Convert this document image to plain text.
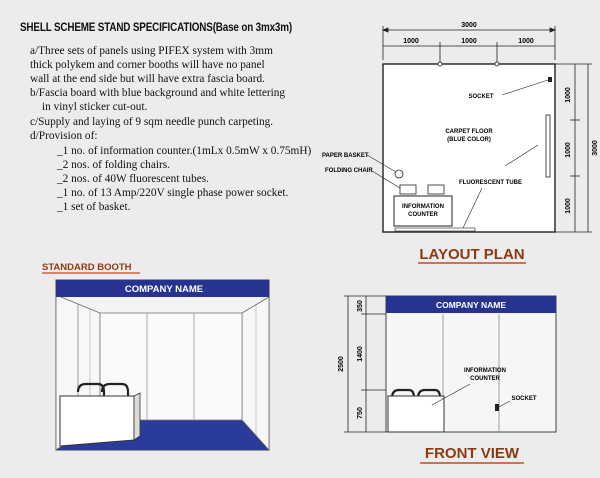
SHELL SCHEME STAND SPECIFICATIONS(Base on 3mx3m)
a/Three sets of panels using PIFEX system with 3mm
thick polykem and corner booths will have no panel
wall at the end side but will have extra fascia board.
b/Fascia board with blue background and white lettering
in vinyl sticker cut-out.
c/Supply and laying of 9 sqm needle punch carpeting.
d/Provision of:
_1 no. of information counter.(1mLx 0.5mW x 0.75mH)
_2 nos. of folding chairs.
_2 nos. of 40W fluorescent tubes.
_1 no. of 13 Amp/220V single phase power socket.
_1 set of basket.
3000
1000	1000	1000
1000
1000
1000
3000
SOCKET
CARPET FLOOR
(BLUE COLOR)
PAPER BASKET
FOLDING CHAIR
FLUORESCENT TUBE
INFORMATION
COUNTER
LAYOUT PLAN
STANDARD BOOTH
COMPANY NAME
2500
350
1400
750
COMPANY NAME
INFORMATION
COUNTER
SOCKET
FRONT VIEW
